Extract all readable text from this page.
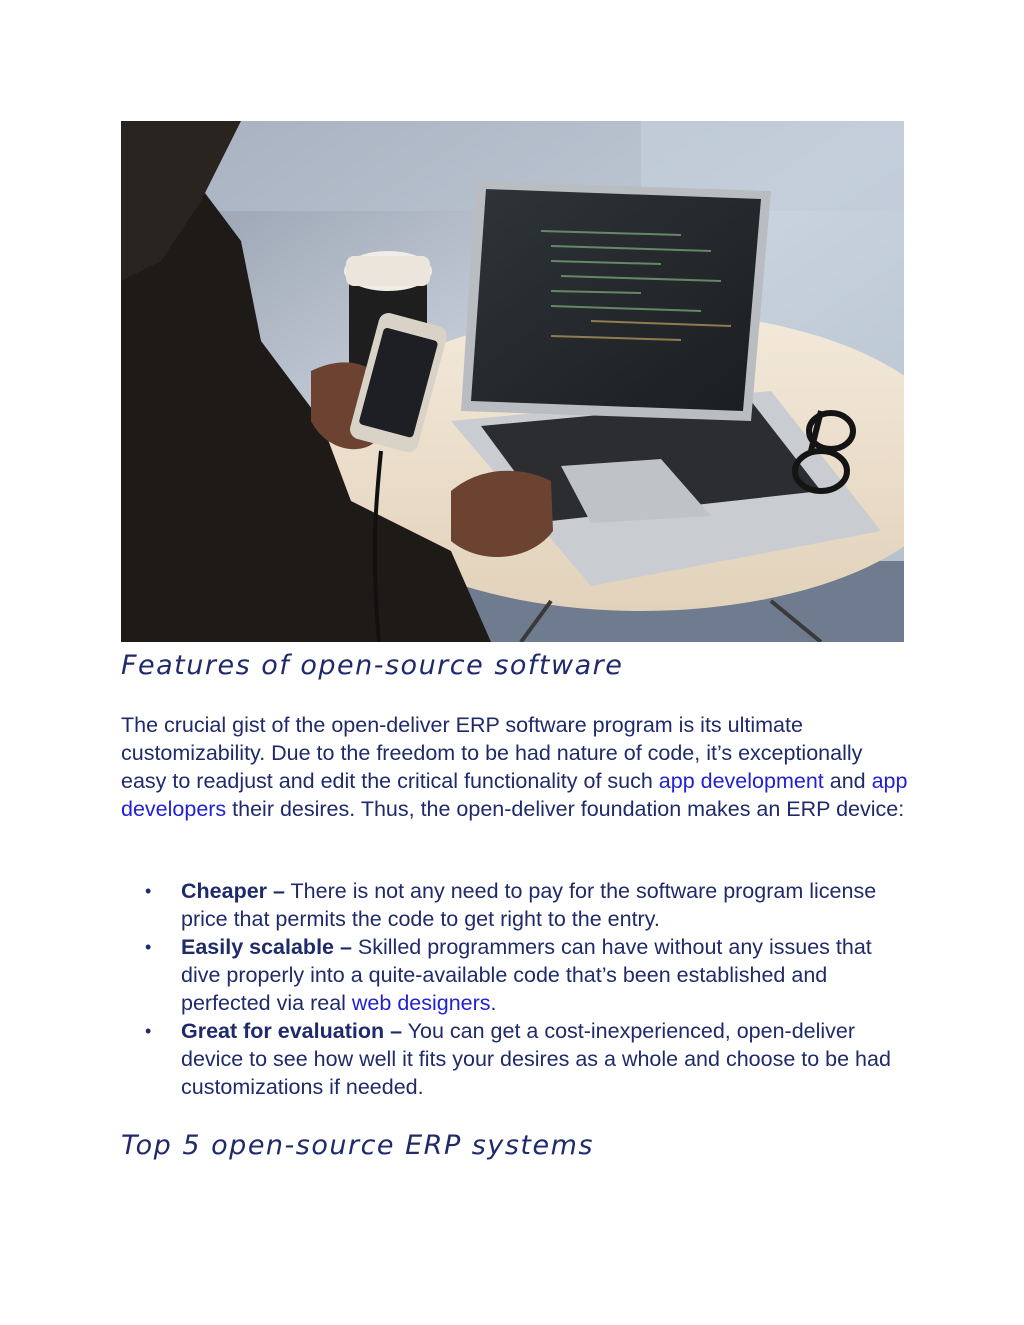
Features of open-source software

The crucial gist of the open-deliver ERP software program is its ultimate customizability. Due to the freedom to be had nature of code, it’s exceptionally easy to readjust and edit the critical functionality of such app development and app developers their desires. Thus, the open-deliver foundation makes an ERP device:

• Cheaper – There is not any need to pay for the software program license price that permits the code to get right to the entry.
• Easily scalable – Skilled programmers can have without any issues that dive properly into a quite-available code that’s been established and perfected via real web designers.
• Great for evaluation – You can get a cost-inexperienced, open-deliver device to see how well it fits your desires as a whole and choose to be had customizations if needed.
Top 5 open-source ERP systems
